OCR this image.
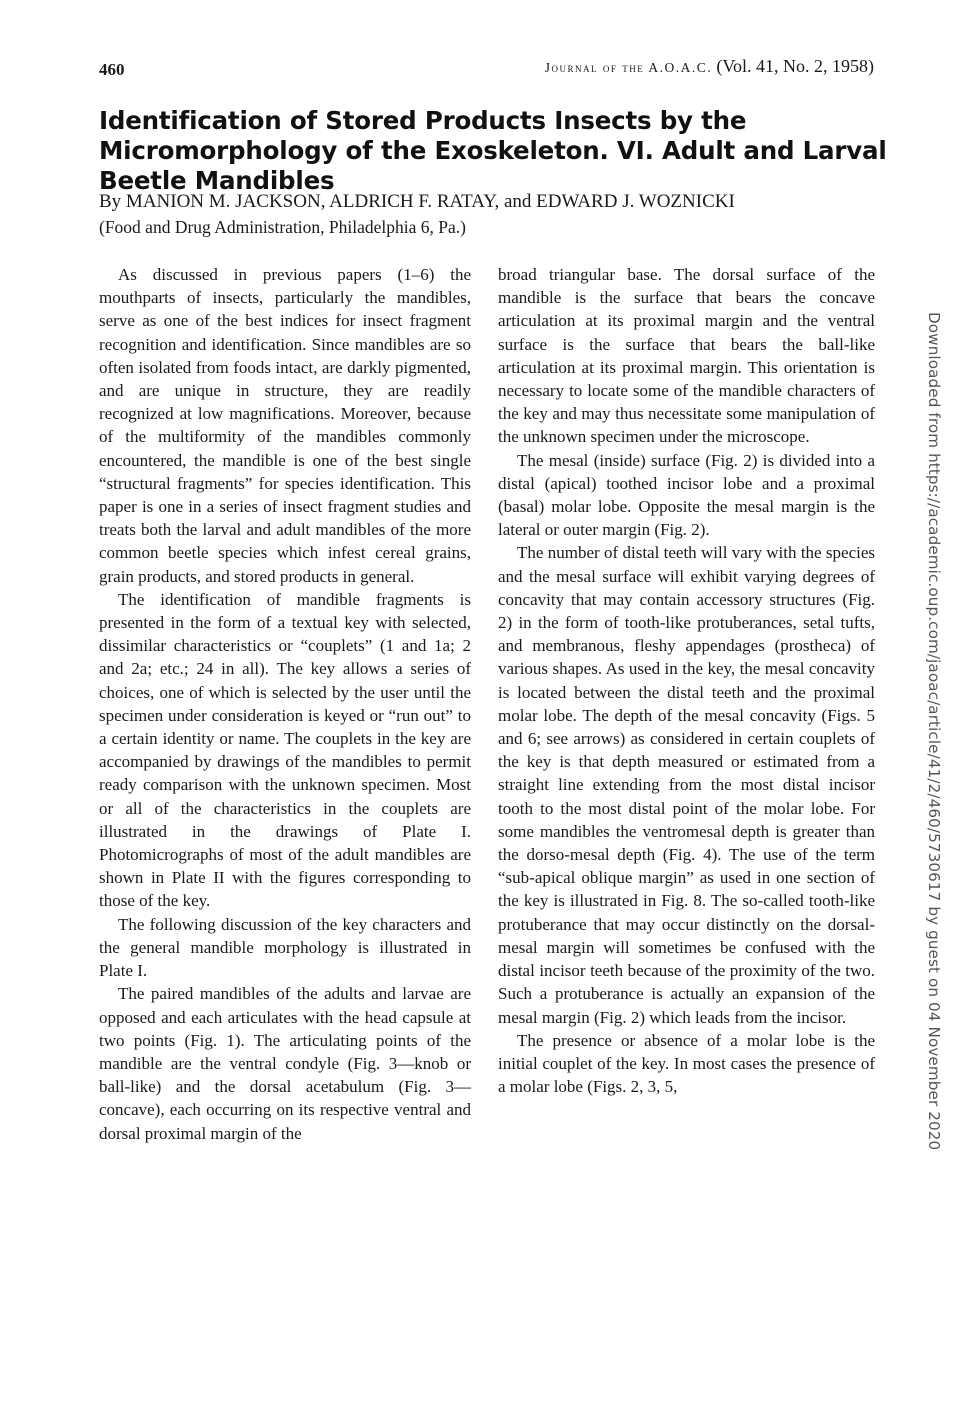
460	Journal of the A.O.A.C. (Vol. 41, No. 2, 1958)
Identification of Stored Products Insects by the Micromorphology of the Exoskeleton. VI. Adult and Larval Beetle Mandibles
By MANION M. JACKSON, ALDRICH F. RATAY, and EDWARD J. WOZNICKI
(Food and Drug Administration, Philadelphia 6, Pa.)

As discussed in previous papers (1–6) the mouthparts of insects, particularly the mandibles, serve as one of the best indices for insect fragment recognition and identification. Since mandibles are so often isolated from foods intact, are darkly pigmented, and are unique in structure, they are readily recognized at low magnifications. Moreover, because of the multiformity of the mandibles commonly encountered, the mandible is one of the best single “structural fragments” for species identification. This paper is one in a series of insect fragment studies and treats both the larval and adult mandibles of the more common beetle species which infest cereal grains, grain products, and stored products in general.

The identification of mandible fragments is presented in the form of a textual key with selected, dissimilar characteristics or “couplets” (1 and 1a; 2 and 2a; etc.; 24 in all). The key allows a series of choices, one of which is selected by the user until the specimen under consideration is keyed or “run out” to a certain identity or name. The couplets in the key are accompanied by drawings of the mandibles to permit ready comparison with the unknown specimen. Most or all of the characteristics in the couplets are illustrated in the drawings of Plate I. Photomicrographs of most of the adult mandibles are shown in Plate II with the figures corresponding to those of the key.

The following discussion of the key characters and the general mandible morphology is illustrated in Plate I.

The paired mandibles of the adults and larvae are opposed and each articulates with the head capsule at two points (Fig. 1). The articulating points of the mandible are the ventral condyle (Fig. 3—knob or ball-like) and the dorsal acetabulum (Fig. 3—concave), each occurring on its respective ventral and dorsal proximal margin of the

broad triangular base. The dorsal surface of the mandible is the surface that bears the concave articulation at its proximal margin and the ventral surface is the surface that bears the ball-like articulation at its proximal margin. This orientation is necessary to locate some of the mandible characters of the key and may thus necessitate some manipulation of the unknown specimen under the microscope.

The mesal (inside) surface (Fig. 2) is divided into a distal (apical) toothed incisor lobe and a proximal (basal) molar lobe. Opposite the mesal margin is the lateral or outer margin (Fig. 2).

The number of distal teeth will vary with the species and the mesal surface will exhibit varying degrees of concavity that may contain accessory structures (Fig. 2) in the form of tooth-like protuberances, setal tufts, and membranous, fleshy appendages (prostheca) of various shapes. As used in the key, the mesal concavity is located between the distal teeth and the proximal molar lobe. The depth of the mesal concavity (Figs. 5 and 6; see arrows) as considered in certain couplets of the key is that depth measured or estimated from a straight line extending from the most distal incisor tooth to the most distal point of the molar lobe. For some mandibles the ventromesal depth is greater than the dorso-mesal depth (Fig. 4). The use of the term “sub-apical oblique margin” as used in one section of the key is illustrated in Fig. 8. The so-called tooth-like protuberance that may occur distinctly on the dorsal-mesal margin will sometimes be confused with the distal incisor teeth because of the proximity of the two. Such a protuberance is actually an expansion of the mesal margin (Fig. 2) which leads from the incisor.

The presence or absence of a molar lobe is the initial couplet of the key. In most cases the presence of a molar lobe (Figs. 2, 3, 5,	Downloaded from https://academic.oup.com/jaoac/article/41/2/460/5730617 by guest on 04 November 2020
